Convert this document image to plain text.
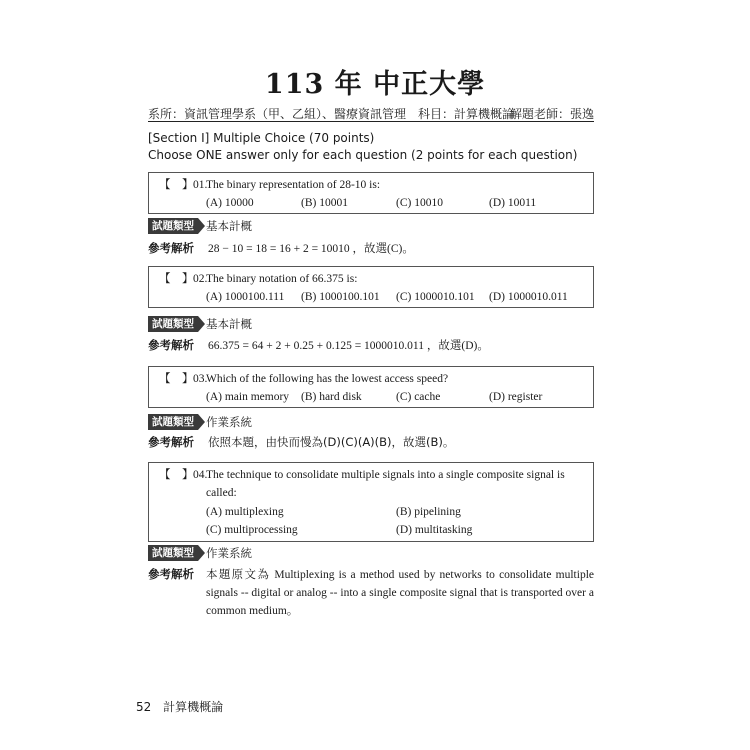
113 年 中正大學
系所：資訊管理學系（甲、乙組）、醫療資訊管理　科目：計算機概論
解題老師：張逸
[Section I] Multiple Choice (70 points)
Choose ONE answer only for each question (2 points for each question)
【　】 01.
The binary representation of 28-10 is:
(A) 10000	(B) 10001	(C) 10010	(D) 10011
試題類型	基本計概
參考解析 28 − 10 = 18 = 16 + 2 = 10010 ，故選(C)。
【　】 02.
The binary notation of 66.375 is:
(A) 1000100.111 (B) 1000100.101 (C) 1000010.101 (D) 1000010.011
試題類型	基本計概
參考解析 66.375 = 64 + 2 + 0.25 + 0.125 = 1000010.011 ，故選(D)。
【　】 03.
Which of the following has the lowest access speed?
(A) main memory (B) hard disk	(C) cache	(D) register
試題類型	作業系統
參考解析 依照本題，由快而慢為(D)(C)(A)(B)，故選(B)。
【　】 04.
The technique to consolidate multiple signals into a single composite signal is
called:
(A) multiplexing	(B) pipelining
(C) multiprocessing	(D) multitasking
試題類型	作業系統
參考解析 本題原文為 Multiplexing is a method used by networks to consolidate multiple signals -- digital or analog -- into a single composite signal that is transported over a common medium。
52 計算機概論
